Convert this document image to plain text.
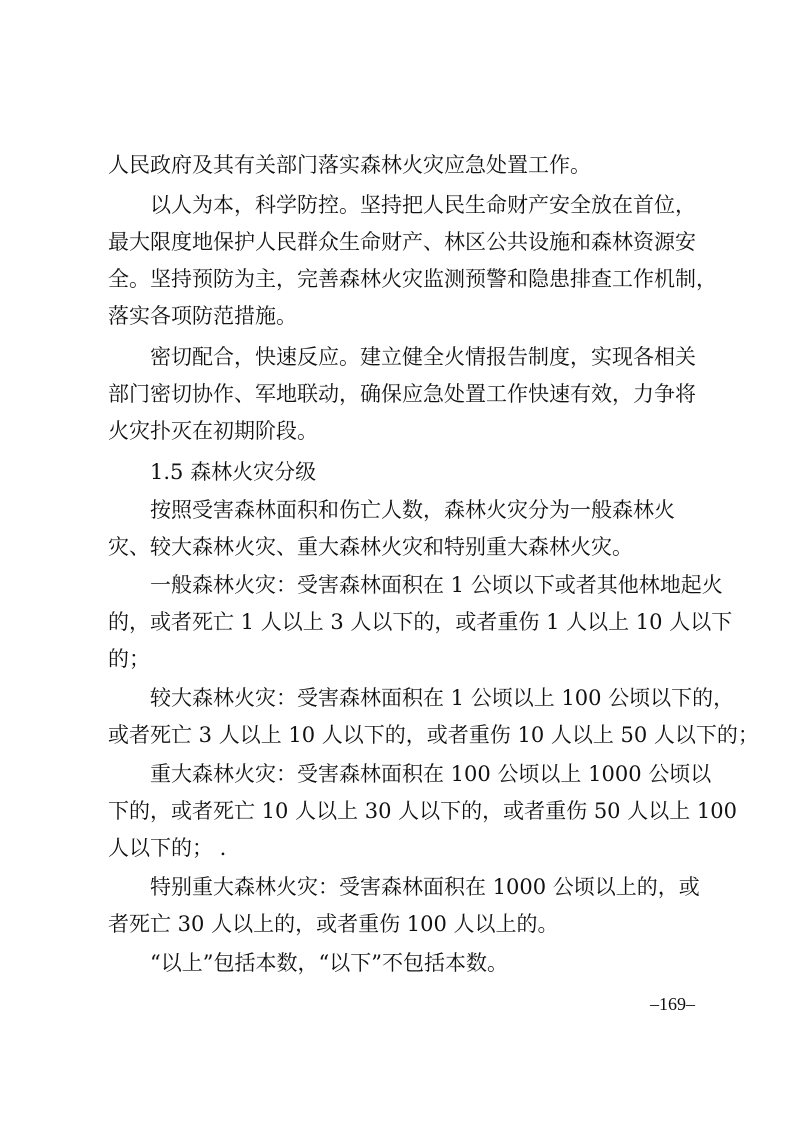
人民政府及其有关部门落实森林火灾应急处置工作。
以人为本，科学防控。坚持把人民生命财产安全放在首位，
最大限度地保护人民群众生命财产、林区公共设施和森林资源安
全。坚持预防为主，完善森林火灾监测预警和隐患排查工作机制，
落实各项防范措施。
密切配合，快速反应。建立健全火情报告制度，实现各相关
部门密切协作、军地联动，确保应急处置工作快速有效，力争将
火灾扑灭在初期阶段。
1.5 森林火灾分级
按照受害森林面积和伤亡人数，森林火灾分为一般森林火
灾、较大森林火灾、重大森林火灾和特别重大森林火灾。
一般森林火灾：受害森林面积在 1 公顷以下或者其他林地起火
的，或者死亡 1 人以上 3 人以下的，或者重伤 1 人以上 10 人以下
的；
较大森林火灾：受害森林面积在 1 公顷以上 100 公顷以下的，
或者死亡 3 人以上 10 人以下的，或者重伤 10 人以上 50 人以下的；
重大森林火灾：受害森林面积在 100 公顷以上 1000 公顷以
下的，或者死亡 10 人以上 30 人以下的，或者重伤 50 人以上 100
人以下的； .
特别重大森林火灾：受害森林面积在 1000 公顷以上的，或
者死亡 30 人以上的，或者重伤 100 人以上的。
“以上”包括本数，“以下”不包括本数。
–169–
